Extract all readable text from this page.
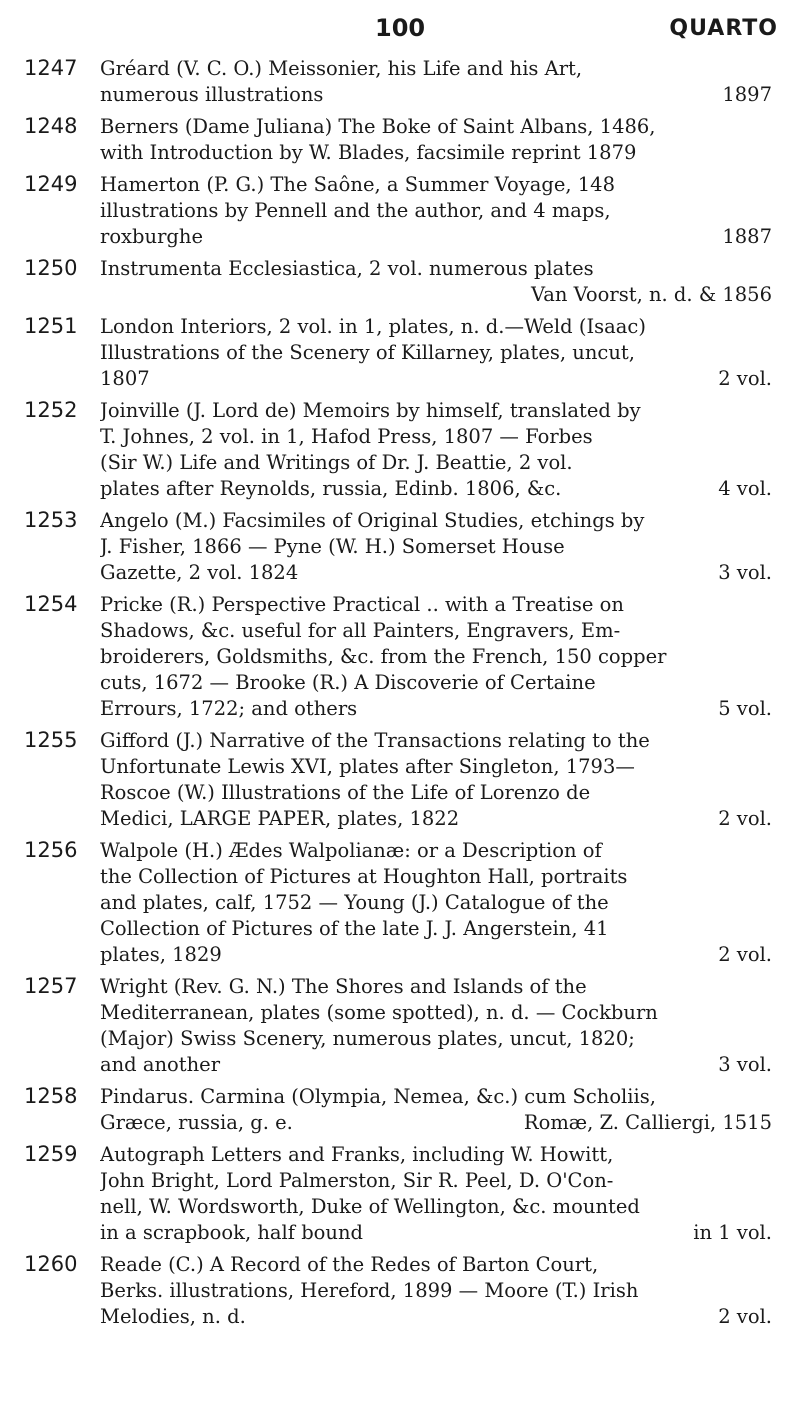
100	QUARTO
1247 Gréard (V. C. O.) Meissonier, his Life and his Art,
numerous illustrations	1897
1248 Berners (Dame Juliana) The Boke of Saint Albans, 1486,
with Introduction by W. Blades, facsimile reprint 1879
1249 Hamerton (P. G.) The Saône, a Summer Voyage, 148
illustrations by Pennell and the author, and 4 maps,
roxburghe	1887
1250 Instrumenta Ecclesiastica, 2 vol. numerous plates
Van Voorst, n. d. & 1856
1251 London Interiors, 2 vol. in 1, plates, n. d.—Weld (Isaac)
Illustrations of the Scenery of Killarney, plates, uncut,
1807	2 vol.
1252 Joinville (J. Lord de) Memoirs by himself, translated by
T. Johnes, 2 vol. in 1, Hafod Press, 1807 — Forbes
(Sir W.) Life and Writings of Dr. J. Beattie, 2 vol.
plates after Reynolds, russia, Edinb. 1806, &c.	4 vol.
1253 Angelo (M.) Facsimiles of Original Studies, etchings by
J. Fisher, 1866 — Pyne (W. H.) Somerset House
Gazette, 2 vol. 1824	3 vol.
1254 Pricke (R.) Perspective Practical .. with a Treatise on
Shadows, &c. useful for all Painters, Engravers, Em-
broiderers, Goldsmiths, &c. from the French, 150 copper
cuts, 1672 — Brooke (R.) A Discoverie of Certaine
Errours, 1722; and others	5 vol.
1255 Gifford (J.) Narrative of the Transactions relating to the
Unfortunate Lewis XVI, plates after Singleton, 1793—
Roscoe (W.) Illustrations of the Life of Lorenzo de
Medici, LARGE PAPER, plates, 1822	2 vol.
1256 Walpole (H.) Ædes Walpolianæ: or a Description of
the Collection of Pictures at Houghton Hall, portraits
and plates, calf, 1752 — Young (J.) Catalogue of the
Collection of Pictures of the late J. J. Angerstein, 41
plates, 1829	2 vol.
1257 Wright (Rev. G. N.) The Shores and Islands of the
Mediterranean, plates (some spotted), n. d. — Cockburn
(Major) Swiss Scenery, numerous plates, uncut, 1820;
and another	3 vol.
1258 Pindarus. Carmina (Olympia, Nemea, &c.) cum Scholiis,
Græce, russia, g. e.	Romæ, Z. Calliergi, 1515
1259 Autograph Letters and Franks, including W. Howitt,
John Bright, Lord Palmerston, Sir R. Peel, D. O'Con-
nell, W. Wordsworth, Duke of Wellington, &c. mounted
in a scrapbook, half bound	in 1 vol.
1260 Reade (C.) A Record of the Redes of Barton Court,
Berks. illustrations, Hereford, 1899 — Moore (T.) Irish
Melodies, n. d.	2 vol.
